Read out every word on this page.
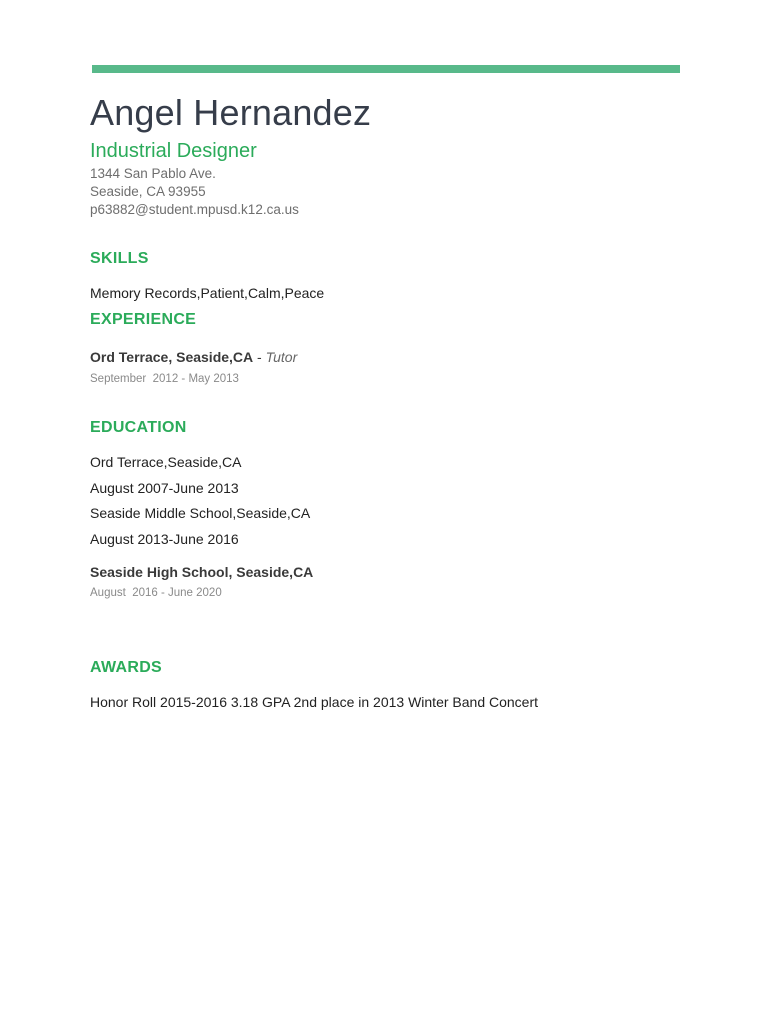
Angel Hernandez
Industrial Designer
1344 San Pablo Ave.
Seaside, CA 93955
p63882@student.mpusd.k12.ca.us
SKILLS
Memory Records,Patient,Calm,Peace
EXPERIENCE
Ord Terrace, Seaside,CA - Tutor
September  2012 - May 2013
EDUCATION
Ord Terrace,Seaside,CA
August 2007-June 2013
Seaside Middle School,Seaside,CA
August 2013-June 2016
Seaside High School, Seaside,CA
August  2016 - June 2020
AWARDS
Honor Roll 2015-2016 3.18 GPA 2nd place in 2013 Winter Band Concert
